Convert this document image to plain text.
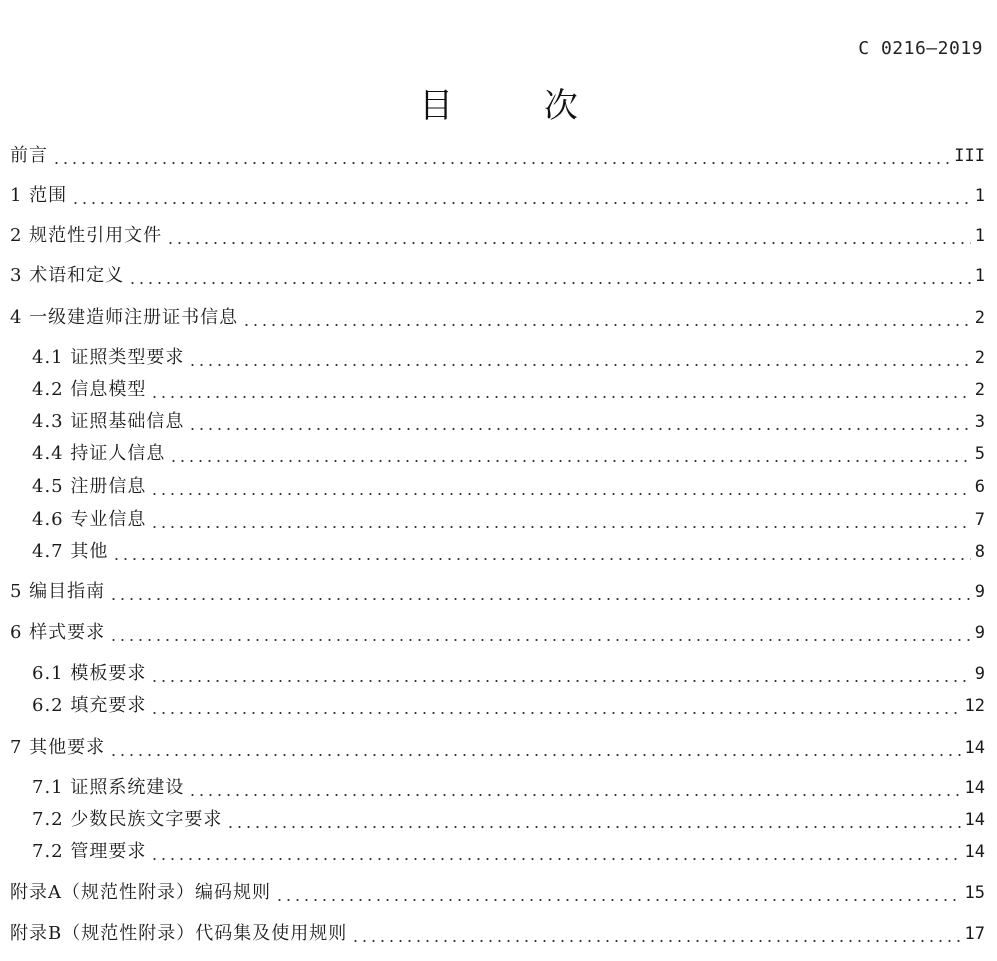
C 0216—2019
目 次
前言	III
1 范围	1
2 规范性引用文件	1
3 术语和定义	1
4 一级建造师注册证书信息	2
4.1 证照类型要求	2
4.2 信息模型	2
4.3 证照基础信息	3
4.4 持证人信息	5
4.5 注册信息	6
4.6 专业信息	7
4.7 其他	8
5 编目指南	9
6 样式要求	9
6.1 模板要求	9
6.2 填充要求	12
7 其他要求	14
7.1 证照系统建设	14
7.2 少数民族文字要求	14
7.2 管理要求	14
附录A（规范性附录）编码规则	15
附录B（规范性附录）代码集及使用规则	17
